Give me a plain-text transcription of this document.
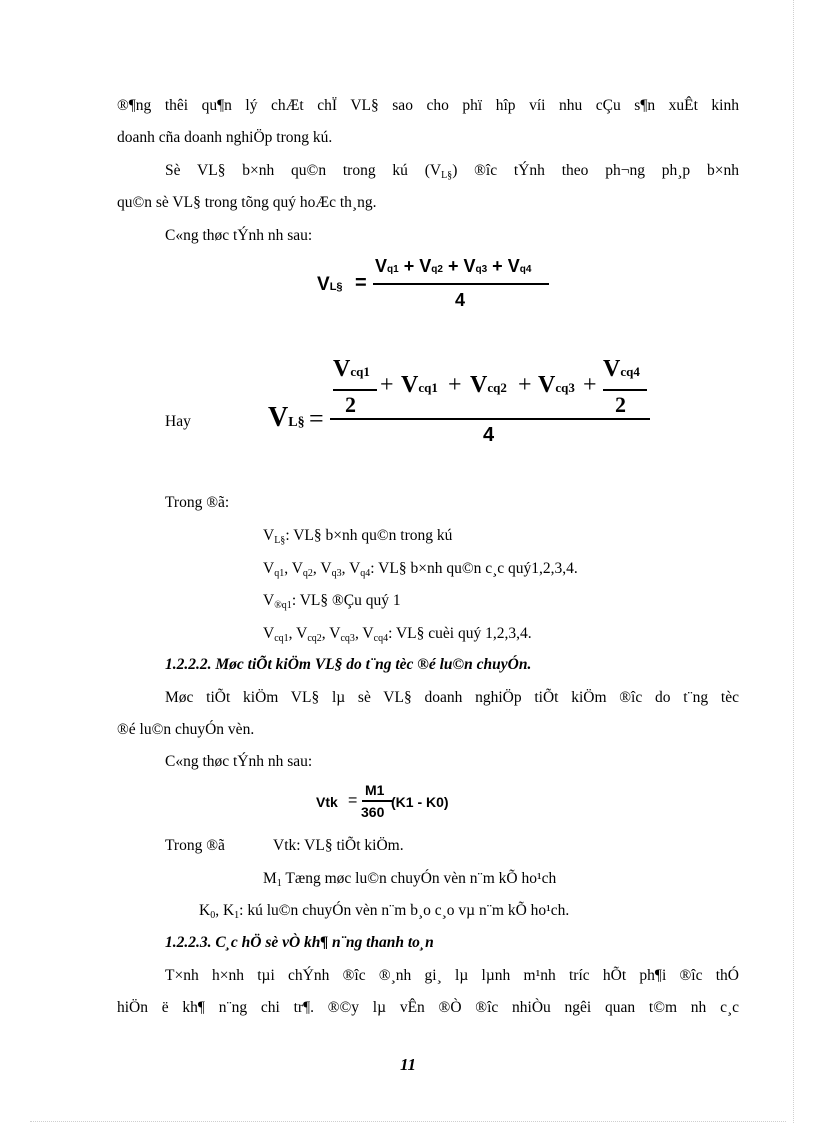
®¶ng thêi qu¶n lý chÆt chÏ VL§ sao cho phï hîp víi nhu cÇu s¶n xuÊt kinh
doanh cña doanh nghiÖp trong kú.
Sè VL§ b×nh qu©n trong kú $(V_{L\S})$ ®îc tÝnh theo ph¬ng ph¸p b×nh
qu©n sè VL§ trong tõng quý hoÆc th¸ng.
C«ng thøc tÝnh nh sau:
VL§ =
Vq1 + Vq2 + Vq3 + Vq4
4
Hay	VL§ =
Vcq1
2
+ Vcq1 + Vcq2 + Vcq3 +
Vcq4
2
4
Trong ®ã:
$V_{L\S}$: VL§ b×nh qu©n trong kú
$V_{q1}$, $V_{q2}$, $V_{q3}$, $V_{q4}$: VL§ b×nh qu©n c¸c quý1,2,3,4.
$V_{®q1}$: VL§ ®Çu quý 1
$V_{cq1}$, $V_{cq2}$, $V_{cq3}$, $V_{cq4}$: VL§ cuèi quý 1,2,3,4.
1.2.2.2. Møc tiÕt kiÖm VL§ do t¨ng tèc ®é lu©n chuyÓn.
Møc tiÕt kiÖm VL§ lµ sè VL§ doanh nghiÖp tiÕt kiÖm ®îc do t¨ng tèc
®é lu©n chuyÓn vèn.
C«ng thøc tÝnh nh sau:
Vtk =
M1
360
(K1 - K0)
Trong ®ã	Vtk: VL§ tiÕt kiÖm.
$M_1$ Tæng møc lu©n chuyÓn vèn n¨m kÕ ho¹ch
$K_0$, $K_1$: kú lu©n chuyÓn vèn n¨m b¸o c¸o vµ n¨m kÕ ho¹ch.
1.2.2.3. C¸c hÖ sè vÒ kh¶ n¨ng thanh to¸n
T×nh h×nh tµi chÝnh ®îc ®¸nh gi¸ lµ lµnh m¹nh tríc hÕt ph¶i ®îc thÓ
hiÖn ë kh¶ n¨ng chi tr¶. ®©y lµ vÊn ®Ò ®îc nhiÒu ngêi quan t©m nh c¸c
11
